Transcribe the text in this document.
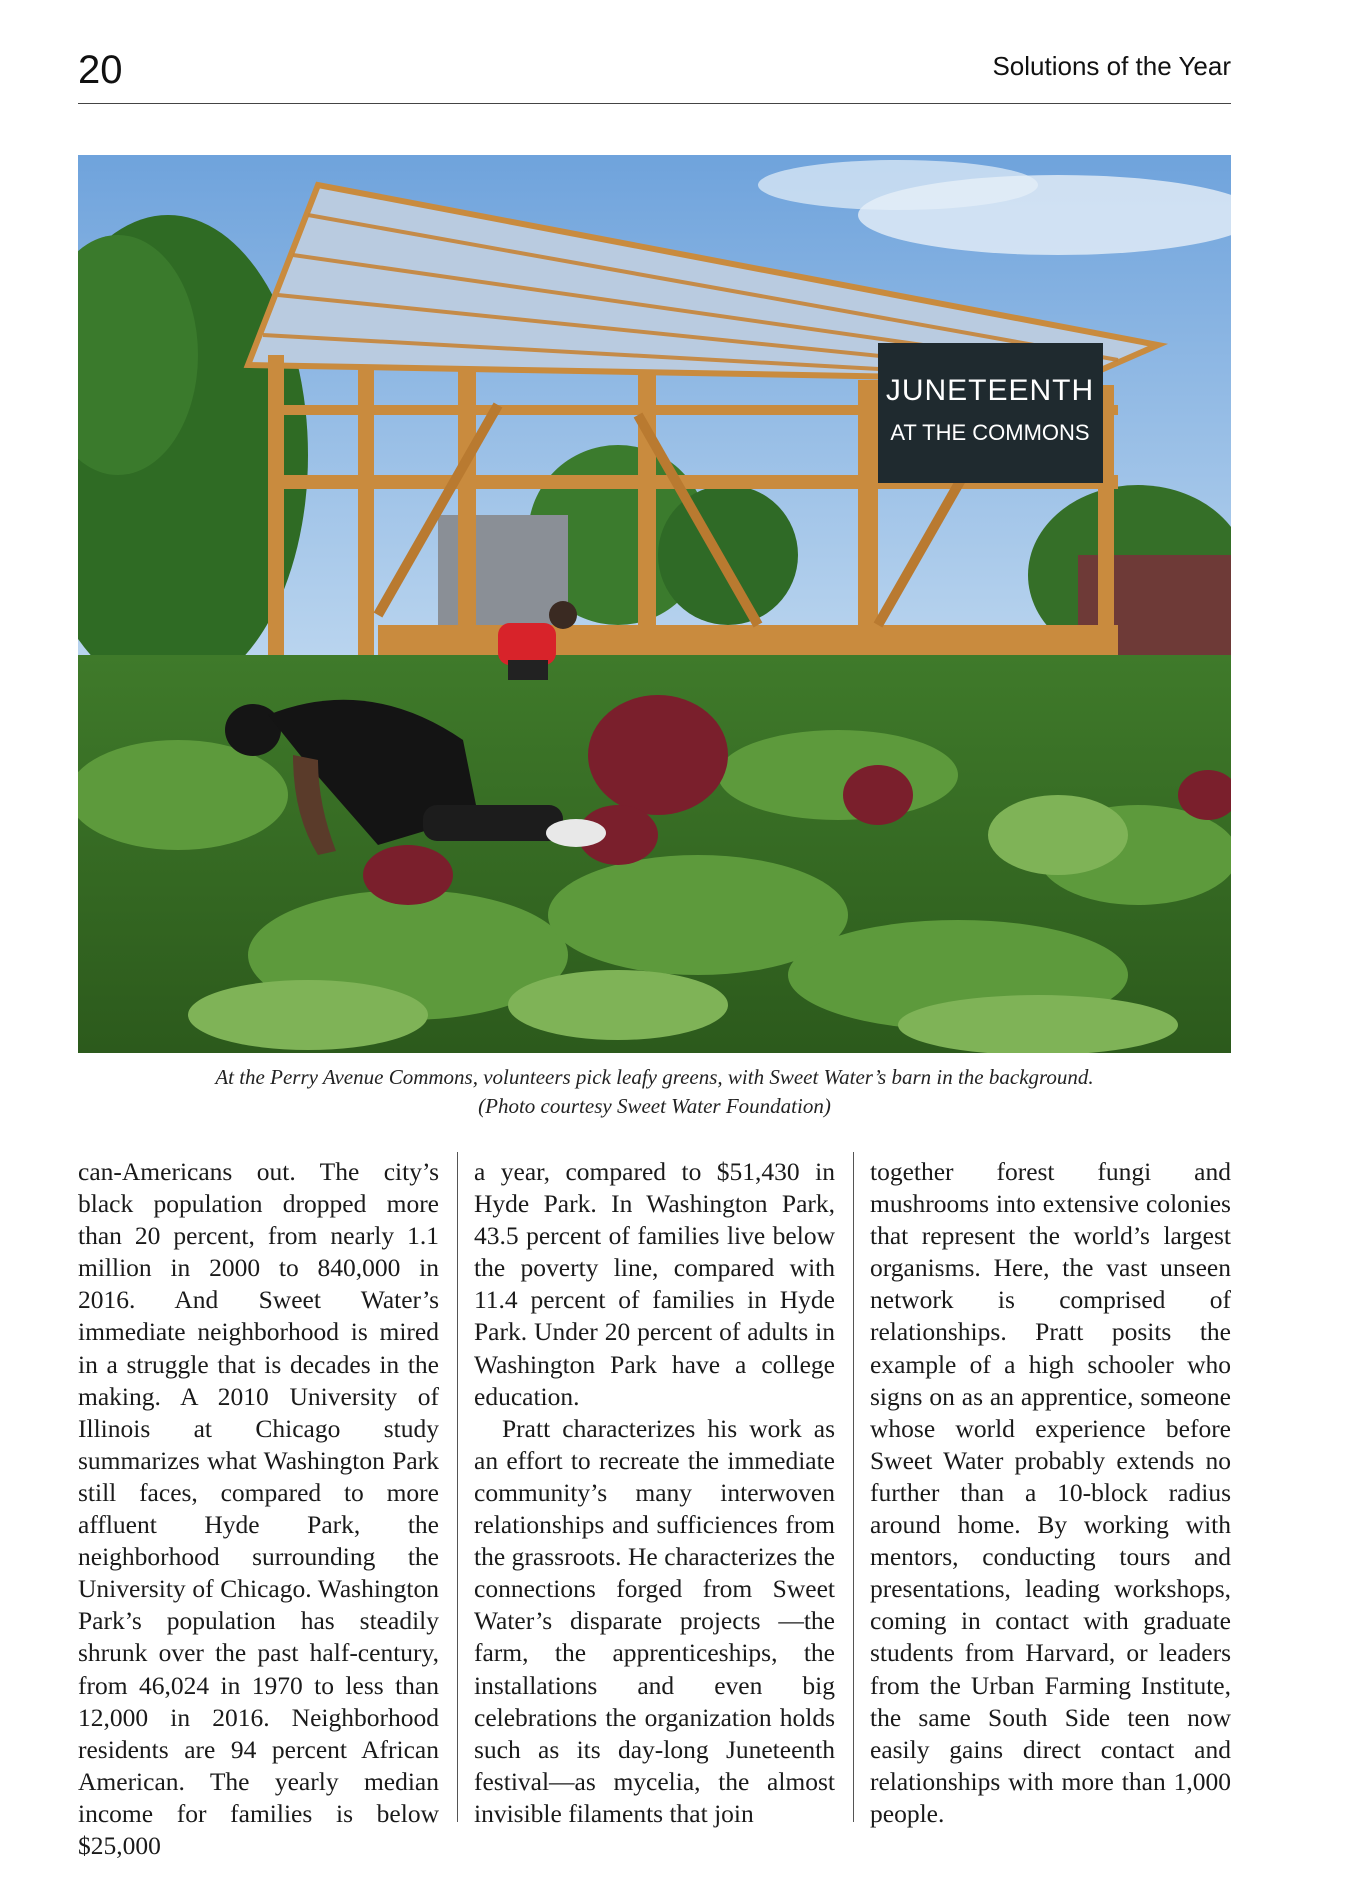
20	Solutions of the Year
JUNETEENTH
AT THE COMMONS
At the Perry Avenue Commons, volunteers pick leafy greens, with Sweet Water’s barn in the background.
(Photo courtesy Sweet Water Foundation)

can-Americans out. The city’s black population dropped more than 20 percent, from nearly 1.1 million in 2000 to 840,000 in 2016. And Sweet Water’s immediate neighborhood is mired in a struggle that is decades in the making. A 2010 University of Illinois at Chicago study summarizes what Washington Park still faces, compared to more affluent Hyde Park, the neighborhood surrounding the University of Chicago. Washington Park’s population has steadily shrunk over the past half-century, from 46,024 in 1970 to less than 12,000 in 2016. Neighborhood residents are 94 percent African American. The yearly median income for families is below $25,000

a year, compared to $51,430 in Hyde Park. In Washington Park, 43.5 percent of families live below the poverty line, compared with 11.4 percent of families in Hyde Park. Under 20 percent of adults in Washington Park have a college education.

Pratt characterizes his work as an effort to recreate the immediate community’s many interwoven relationships and sufficiences from the grassroots. He characterizes the connections forged from Sweet Water’s disparate projects —the farm, the apprenticeships, the installations and even big celebrations the organization holds such as its day-long Juneteenth festival—as mycelia, the almost invisible filaments that join

together forest fungi and mushrooms into extensive colonies that represent the world’s largest organisms. Here, the vast unseen network is comprised of relationships. Pratt posits the example of a high schooler who signs on as an apprentice, someone whose world experience before Sweet Water probably extends no further than a 10-block radius around home. By working with mentors, conducting tours and presentations, leading workshops, coming in contact with graduate students from Harvard, or leaders from the Urban Farming Institute, the same South Side teen now easily gains direct contact and relationships with more than 1,000 people.
